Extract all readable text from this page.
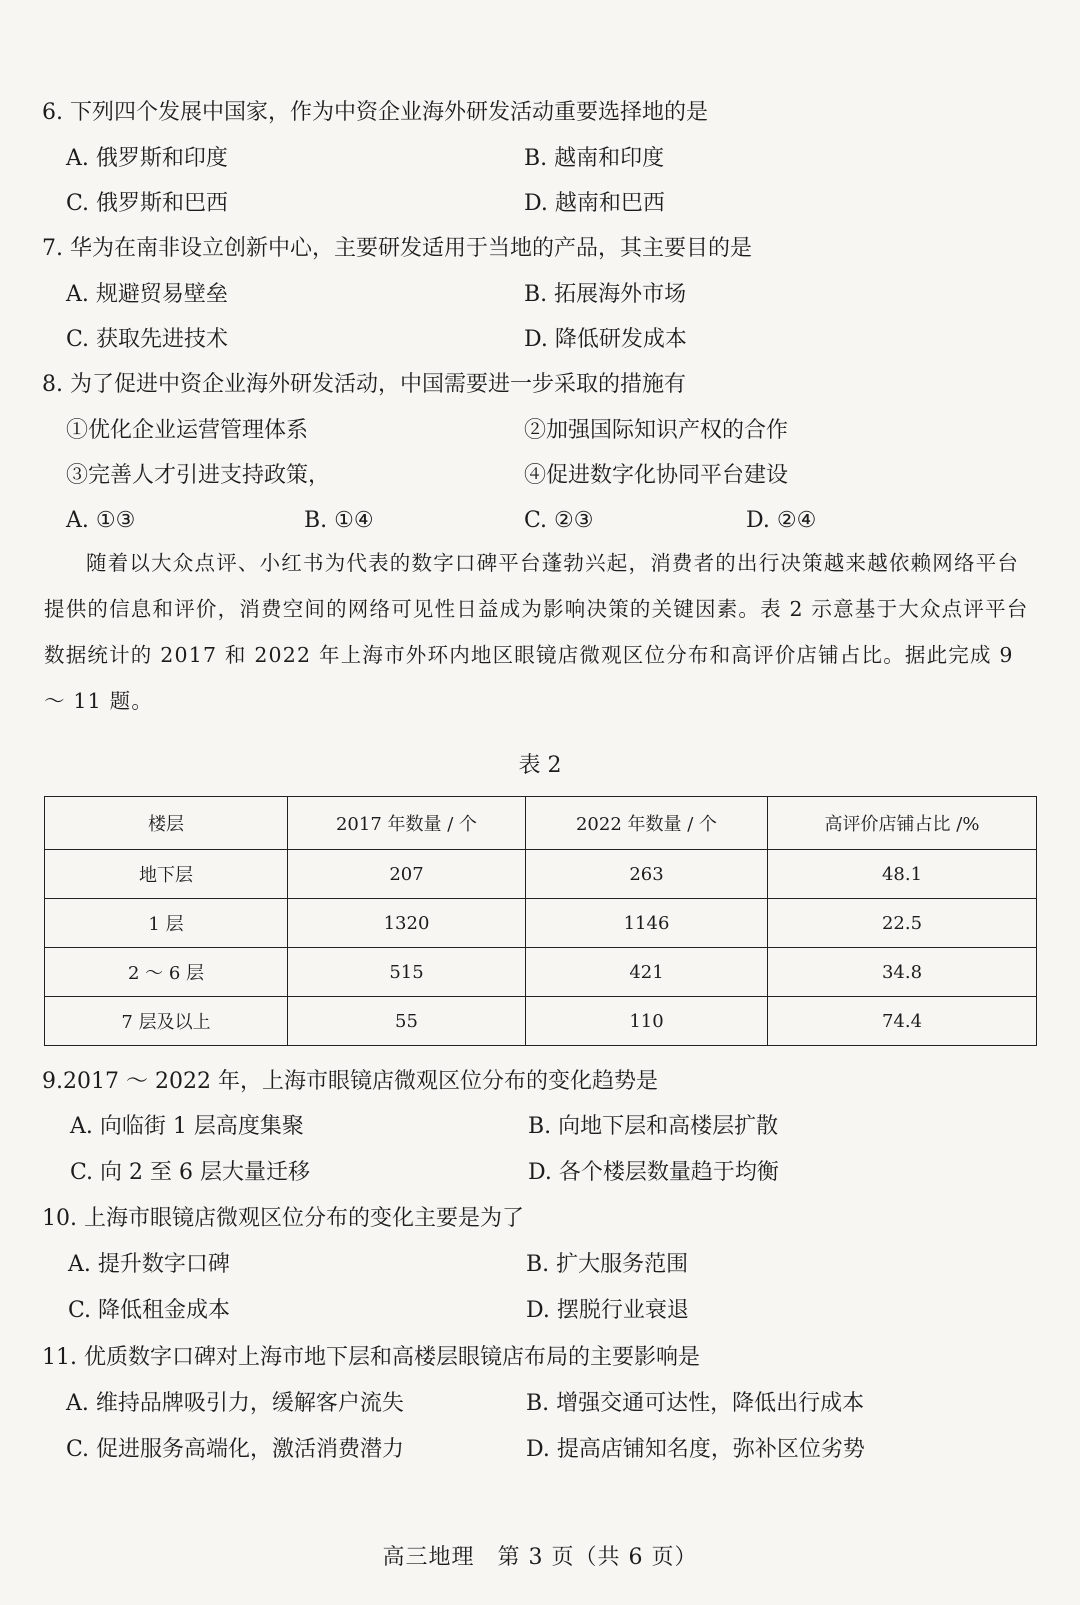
6. 下列四个发展中国家，作为中资企业海外研发活动重要选择地的是
A. 俄罗斯和印度	B. 越南和印度
C. 俄罗斯和巴西	D. 越南和巴西
7. 华为在南非设立创新中心，主要研发适用于当地的产品，其主要目的是
A. 规避贸易壁垒	B. 拓展海外市场
C. 获取先进技术	D. 降低研发成本
8. 为了促进中资企业海外研发活动，中国需要进一步采取的措施有
①优化企业运营管理体系	②加强国际知识产权的合作
③完善人才引进支持政策，	④促进数字化协同平台建设
A. ①③	B. ①④	C. ②③	D. ②④

随着以大众点评、小红书为代表的数字口碑平台蓬勃兴起，消费者的出行决策越来越依赖网络平台提供的信息和评价，消费空间的网络可见性日益成为影响决策的关键因素。表 2 示意基于大众点评平台数据统计的 2017 和 2022 年上海市外环内地区眼镜店微观区位分布和高评价店铺占比。据此完成 9 ～ 11 题。

表 2
楼层	2017 年数量 / 个	2022 年数量 / 个	高评价店铺占比 /%
地下层	207	263	48.1
1 层	1320	1146	22.5
2 ～ 6 层	515	421	34.8
7 层及以上	55	110	74.4
9.2017 ～ 2022 年，上海市眼镜店微观区位分布的变化趋势是
A. 向临街 1 层高度集聚	B. 向地下层和高楼层扩散
C. 向 2 至 6 层大量迁移	D. 各个楼层数量趋于均衡
10. 上海市眼镜店微观区位分布的变化主要是为了
A. 提升数字口碑	B. 扩大服务范围
C. 降低租金成本	D. 摆脱行业衰退
11. 优质数字口碑对上海市地下层和高楼层眼镜店布局的主要影响是
A. 维持品牌吸引力，缓解客户流失	B. 增强交通可达性，降低出行成本
C. 促进服务高端化，激活消费潜力	D. 提高店铺知名度，弥补区位劣势
高三地理　第 3 页（共 6 页）
